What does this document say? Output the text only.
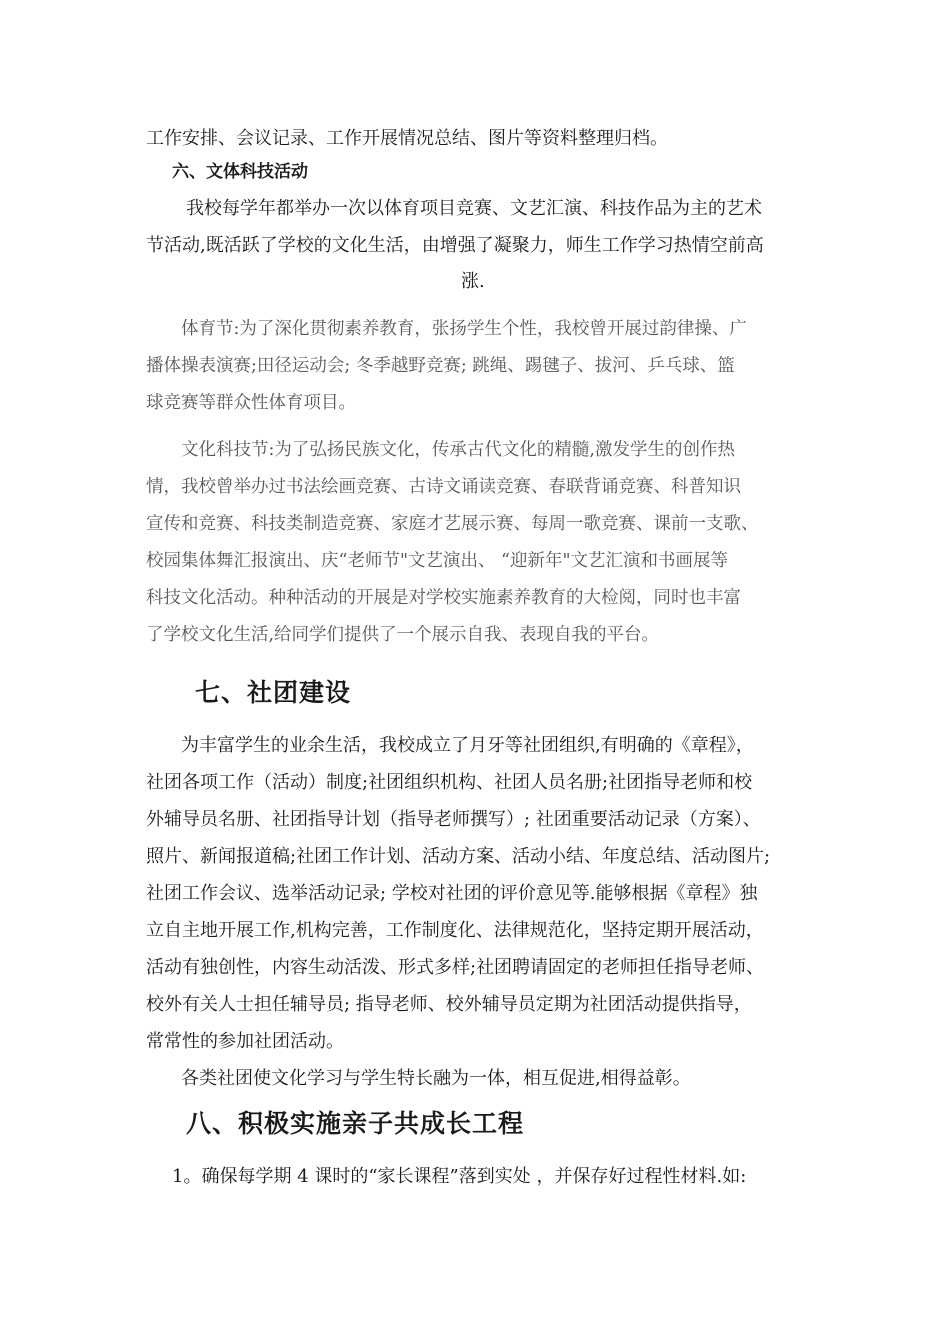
工作安排、会议记录、工作开展情况总结、图片等资料整理归档。
六、文体科技活动
我校每学年都举办一次以体育项目竞赛、文艺汇演、科技作品为主的艺术
节活动,既活跃了学校的文化生活，由增强了凝聚力，师生工作学习热情空前高
涨.
体育节:为了深化贯彻素养教育，张扬学生个性，我校曾开展过韵律操、广
播体操表演赛;田径运动会; 冬季越野竞赛; 跳绳、踢毽子、拔河、乒乓球、篮
球竞赛等群众性体育项目。
文化科技节:为了弘扬民族文化，传承古代文化的精髓,激发学生的创作热
情，我校曾举办过书法绘画竞赛、古诗文诵读竞赛、春联背诵竞赛、科普知识
宣传和竞赛、科技类制造竞赛、家庭才艺展示赛、每周一歌竞赛、课前一支歌、
校园集体舞汇报演出、庆“老师节"文艺演出、 “迎新年"文艺汇演和书画展等
科技文化活动。种种活动的开展是对学校实施素养教育的大检阅，同时也丰富
了学校文化生活,给同学们提供了一个展示自我、表现自我的平台。
七、社团建设
为丰富学生的业余生活，我校成立了月牙等社团组织,有明确的《章程》，
社团各项工作（活动）制度;社团组织机构、社团人员名册;社团指导老师和校
外辅导员名册、社团指导计划（指导老师撰写）; 社团重要活动记录（方案）、
照片、新闻报道稿;社团工作计划、活动方案、活动小结、年度总结、活动图片;
社团工作会议、选举活动记录; 学校对社团的评价意见等.能够根据《章程》独
立自主地开展工作,机构完善，工作制度化、法律规范化，坚持定期开展活动，
活动有独创性，内容生动活泼、形式多样;社团聘请固定的老师担任指导老师、
校外有关人士担任辅导员; 指导老师、校外辅导员定期为社团活动提供指导，
常常性的参加社团活动。
各类社团使文化学习与学生特长融为一体，相互促进,相得益彰。
八、积极实施亲子共成长工程
1。确保每学期 4 课时的“家长课程”落到实处 ，并保存好过程性材料.如:
